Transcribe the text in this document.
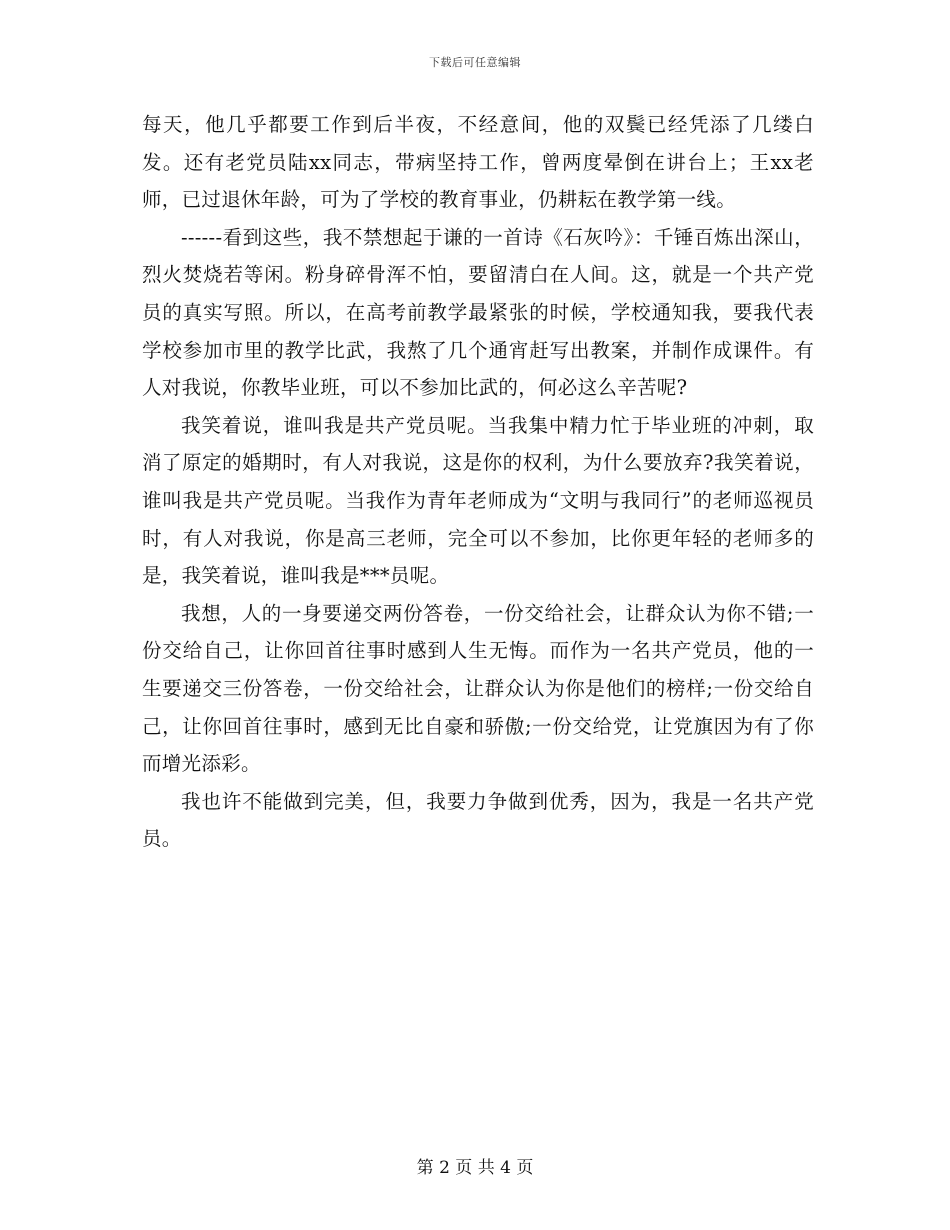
下载后可任意编辑

每天，他几乎都要工作到后半夜，不经意间，他的双鬓已经凭添了几缕白发。还有老党员陆xx同志，带病坚持工作，曾两度晕倒在讲台上；王xx老师，已过退休年龄，可为了学校的教育事业，仍耕耘在教学第一线。

------看到这些，我不禁想起于谦的一首诗《石灰吟》：千锤百炼出深山，烈火焚烧若等闲。粉身碎骨浑不怕，要留清白在人间。这，就是一个共产党员的真实写照。所以，在高考前教学最紧张的时候，学校通知我，要我代表学校参加市里的教学比武，我熬了几个通宵赶写出教案，并制作成课件。有人对我说，你教毕业班，可以不参加比武的，何必这么辛苦呢?

我笑着说，谁叫我是共产党员呢。当我集中精力忙于毕业班的冲刺，取消了原定的婚期时，有人对我说，这是你的权利，为什么要放弃?我笑着说，谁叫我是共产党员呢。当我作为青年老师成为“文明与我同行”的老师巡视员时，有人对我说，你是高三老师，完全可以不参加，比你更年轻的老师多的是，我笑着说，谁叫我是***员呢。

我想，人的一身要递交两份答卷，一份交给社会，让群众认为你不错;一份交给自己，让你回首往事时感到人生无悔。而作为一名共产党员，他的一生要递交三份答卷，一份交给社会，让群众认为你是他们的榜样;一份交给自己，让你回首往事时，感到无比自豪和骄傲;一份交给党，让党旗因为有了你而增光添彩。

我也许不能做到完美，但，我要力争做到优秀，因为，我是一名共产党员。

第 2 页 共 4 页
